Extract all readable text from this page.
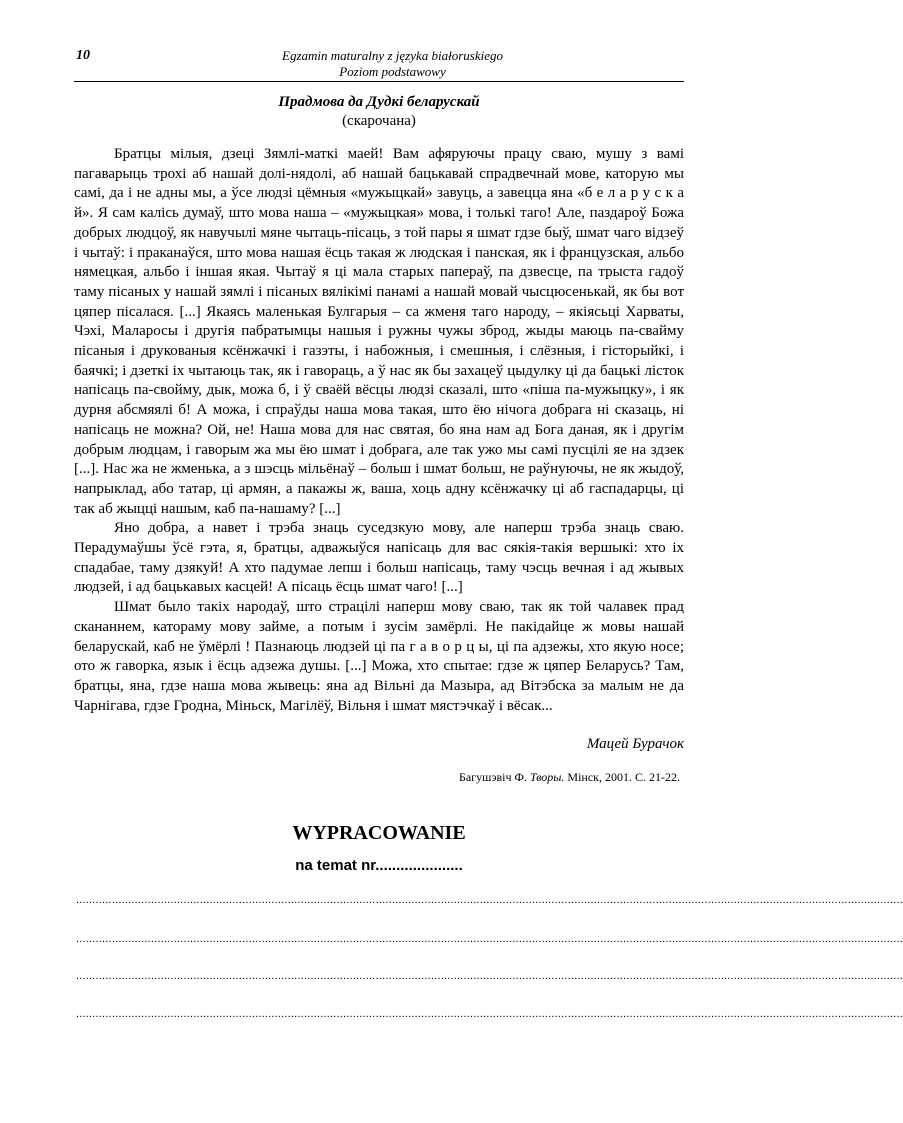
10	Egzamin maturalny z języka białoruskiego
Poziom podstawowy
Прадмова да Дудкі беларускай
(скарочана)

Братцы мілыя, дзеці Зямлі-маткі маей! Вам афяруючы працу сваю, мушу з вамі пагаварыць трохі аб нашай долі-нядолі, аб нашай бацькавай спрадвечнай мове, каторую мы самі, да і не адны мы, а ўсе людзі цёмныя «мужыцкай» завуць, а завецца яна «б е л а р у с к а й». Я сам калісь думаў, што мова наша – «мужыцкая» мова, і толькі таго! Але, паздароў Божа добрых людцоў, як навучылі мяне чытаць-пісаць, з той пары я шмат гдзе быў, шмат чаго відзеў і чытаў: і праканаўся, што мова нашая ёсць такая ж людская і панская, як і французская, альбо нямецкая, альбо і іншая якая. Чытаў я ці мала старых папераў, па дзвесце, па трыста гадоў таму пісаных у нашай зямлі і пісаных вялікімі панамі а нашай мовай чысцюсенькай, як бы вот цяпер пісалася. [...] Якаясь маленькая Булгарыя – са жменя таго народу, – якіясьці Харваты, Чэхі, Маларосы і другія пабратымцы нашыя і ружны чужы зброд, жыды маюць па-свайму пісаныя і друкованыя ксёнжачкі і газэты, і набожныя, і смешныя, і слёзныя, і гісторыйкі, і баячкі; і дзеткі іх чытаюць так, як і гавораць, а ў нас як бы захацеў цыдулку ці да бацькі лісток напісаць па-свойму, дык, можа б, і ў сваёй вёсцы людзі сказалі, што «піша па-мужыцку», і як дурня абсмяялі б! А можа, і спраўды наша мова такая, што ёю нічога добрага ні сказаць, ні напісаць не можна? Ой, не! Наша мова для нас святая, бо яна нам ад Бога даная, як і другім добрым людцам, і гаворым жа мы ёю шмат і добрага, але так ужо мы самі пусцілі яе на здзек [...]. Нас жа не жменька, а з шэсць мільёнаў – больш і шмат больш, не раўнуючы, не як жыдоў, напрыклад, або татар, ці армян, а пакажы ж, ваша, хоць адну ксёнжачку ці аб гаспадарцы, ці так аб жыцці нашым, каб па-нашаму? [...]

Яно добра, а навет і трэба знаць суседзкую мову, але наперш трэба знаць сваю. Перадумаўшы ўсё гэта, я, братцы, адважыўся напісаць для вас сякія-такія вершыкі: хто іх спадабае, таму дзякуй! А хто падумае лепш і больш напісаць, таму чэсць вечная і ад жывых людзей, і ад бацькавых касцей! А пісаць ёсць шмат чаго! [...]

Шмат было такіх народаў, што страцілі наперш мову сваю, так як той чалавек прад скананнем, катораму мову займе, а потым і зусім замёрлі. Не пакідайце ж мовы нашай беларускай, каб не ўмёрлі ! Пазнаюць людзей ці па г а в о р ц ы, ці па адзежы, хто якую носе; ото ж гаворка, язык і ёсць адзежа душы. [...] Можа, хто спытае: гдзе ж цяпер Беларусь? Там, братцы, яна, гдзе наша мова жывець: яна ад Вільні да Мазыра, ад Вітэбска за малым не да Чарнігава, гдзе Гродна, Міньск, Магілёў, Вільня і шмат мястэчкаў і вёсак...

Мацей Бурачок
Багушэвіч Ф. Творы. Мінск, 2001. С. 21-22.
WYPRACOWANIE
na temat nr.....................
..............................................................................................................................................................................................................................................................
..............................................................................................................................................................................................................................................................
..............................................................................................................................................................................................................................................................
..............................................................................................................................................................................................................................................................
